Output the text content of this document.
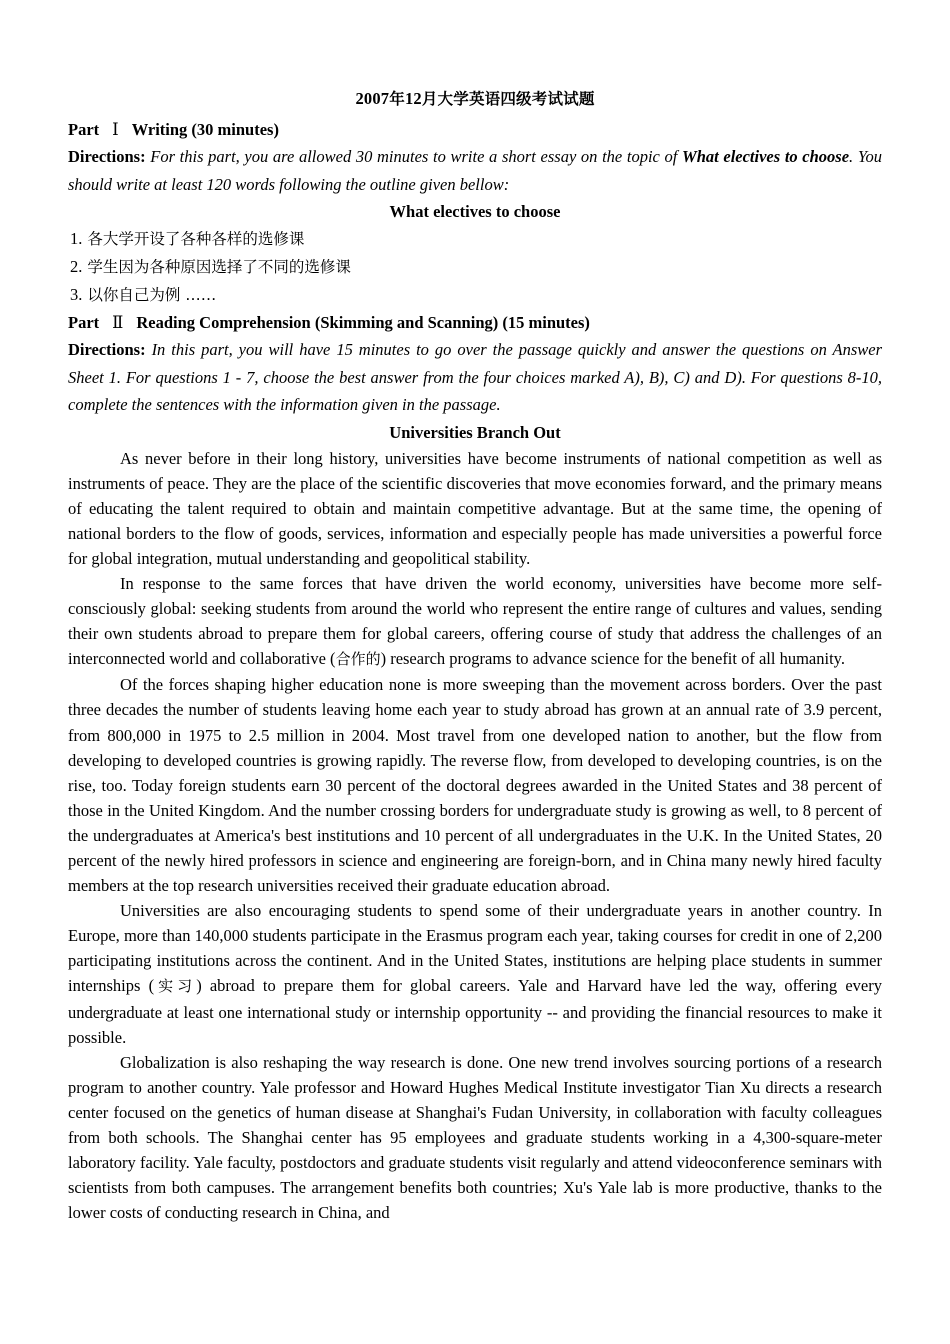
2007年12月大学英语四级考试试题

Part Ⅰ Writing (30 minutes)

Directions: For this part, you are allowed 30 minutes to write a short essay on the topic of What electives to choose. You should write at least 120 words following the outline given bellow:

What electives to choose

1. 各大学开设了各种各样的选修课

2. 学生因为各种原因选择了不同的选修课

3. 以你自己为例 ……

Part Ⅱ Reading Comprehension (Skimming and Scanning) (15 minutes)

Directions: In this part, you will have 15 minutes to go over the passage quickly and answer the questions on Answer Sheet 1. For questions 1 - 7, choose the best answer from the four choices marked A), B), C) and D). For questions 8-10, complete the sentences with the information given in the passage.

Universities Branch Out

As never before in their long history, universities have become instruments of national competition as well as instruments of peace. They are the place of the scientific discoveries that move economies forward, and the primary means of educating the talent required to obtain and maintain competitive advantage. But at the same time, the opening of national borders to the flow of goods, services, information and especially people has made universities a powerful force for global integration, mutual understanding and geopolitical stability.

In response to the same forces that have driven the world economy, universities have become more self-consciously global: seeking students from around the world who represent the entire range of cultures and values, sending their own students abroad to prepare them for global careers, offering course of study that address the challenges of an interconnected world and collaborative (合作的) research programs to advance science for the benefit of all humanity.

Of the forces shaping higher education none is more sweeping than the movement across borders. Over the past three decades the number of students leaving home each year to study abroad has grown at an annual rate of 3.9 percent, from 800,000 in 1975 to 2.5 million in 2004. Most travel from one developed nation to another, but the flow from developing to developed countries is growing rapidly. The reverse flow, from developed to developing countries, is on the rise, too. Today foreign students earn 30 percent of the doctoral degrees awarded in the United States and 38 percent of those in the United Kingdom. And the number crossing borders for undergraduate study is growing as well, to 8 percent of the undergraduates at America's best institutions and 10 percent of all undergraduates in the U.K. In the United States, 20 percent of the newly hired professors in science and engineering are foreign-born, and in China many newly hired faculty members at the top research universities received their graduate education abroad.

Universities are also encouraging students to spend some of their undergraduate years in another country. In Europe, more than 140,000 students participate in the Erasmus program each year, taking courses for credit in one of 2,200 participating institutions across the continent. And in the United States, institutions are helping place students in summer internships (实习) abroad to prepare them for global careers. Yale and Harvard have led the way, offering every undergraduate at least one international study or internship opportunity -- and providing the financial resources to make it possible.

Globalization is also reshaping the way research is done. One new trend involves sourcing portions of a research program to another country. Yale professor and Howard Hughes Medical Institute investigator Tian Xu directs a research center focused on the genetics of human disease at Shanghai's Fudan University, in collaboration with faculty colleagues from both schools. The Shanghai center has 95 employees and graduate students working in a 4,300-square-meter laboratory facility. Yale faculty, postdoctors and graduate students visit regularly and attend videoconference seminars with scientists from both campuses. The arrangement benefits both countries; Xu's Yale lab is more productive, thanks to the lower costs of conducting research in China, and
